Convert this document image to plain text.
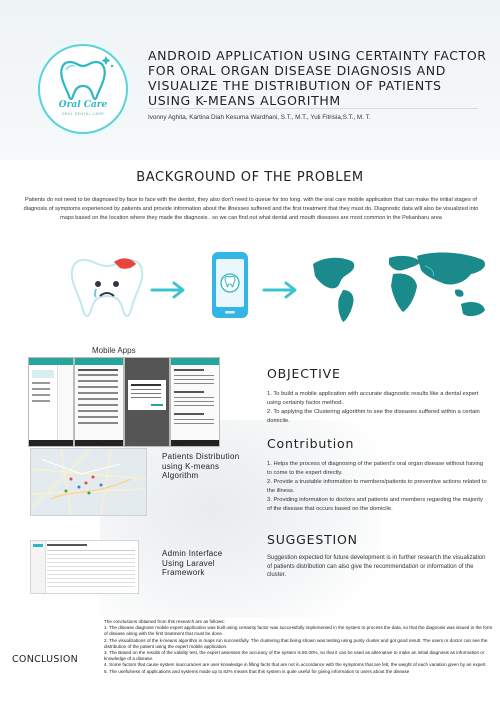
Oral Care
ORAL DENTAL CARE
ANDROID APPLICATION USING CERTAINTY FACTOR FOR ORAL ORGAN DISEASE DIAGNOSIS AND VISUALIZE THE DISTRIBUTION OF PATIENTS USING K-MEANS ALGORITHM
Ivonny Aghita, Kartina Diah Kesuma Wardhani, S.T., M.T., Yuli Fitrisia,S.T., M. T.
BACKGROUND OF THE PROBLEM
Patients do not need to be diagnosed by face to face with the dentist, they also don't need to queue for too long. with the oral care mobile application that can make the initial stages of diagnosis of symptoms experienced by patients and provide information about the illnesses suffered and the first treatment that they must do. Diagnostic data will also be visualized into maps based on the location where they made the diagnosis . so we can find out what dental and mouth diseases are most common in the Pekanbaru area
Mobile Apps
Patients Distribution using K-means Algorithm
Admin Interface Using Laravel Framework
OBJECTIVE

1. To build a mobile application with accurate diagnostic results like a dental expert using certainty factor method.

2. To applying the Clustering algorithm to see the diseases suffered within a certain domicile.

Contribution

1. Helps the process of diagnosing of the patient's oral organ disease without having to come to the expert directly.

2. Provide a trustable information to members/patients to preventive actions related to the illness.

3. Providing information to doctors and patients and members regarding the majority of the disease that occurs based on the domicile.

SUGGESTION
Suggestion expected for future development is in further research the visualization of patients distribution can also give the recommendation or information of the cluster.
CONCLUSION

The conclusions obtained from this research are as follows:

1. The disease diagnose mobile expert application was built using certainty factor was successfully implemented in the system to process the data, so that the diagnosis was issued in the form of disease along with the first treatment that must be done.

2. The visualizations of the k-means algorithm in maps run successfully. The clustering that being shown was testing using purity cluster and got good result. The users or doctor can see the distribution of the patient using the expert mobile application.

3. The Based on the results of the validity test, the expert assesses the accuracy of the system is 80.00%, so that it can be used as alternative to make an initial diagnosis as information or knowledge of a disease.

4. Some factors that cause system inaccuracies are user knowledge in filling facts that are not in accordance with the symptoms that are felt, the weight of each variation given by an expert.

5. The usefulness of applications and systems made up to 82% means that this system is quite useful for giving information to users about the disease
